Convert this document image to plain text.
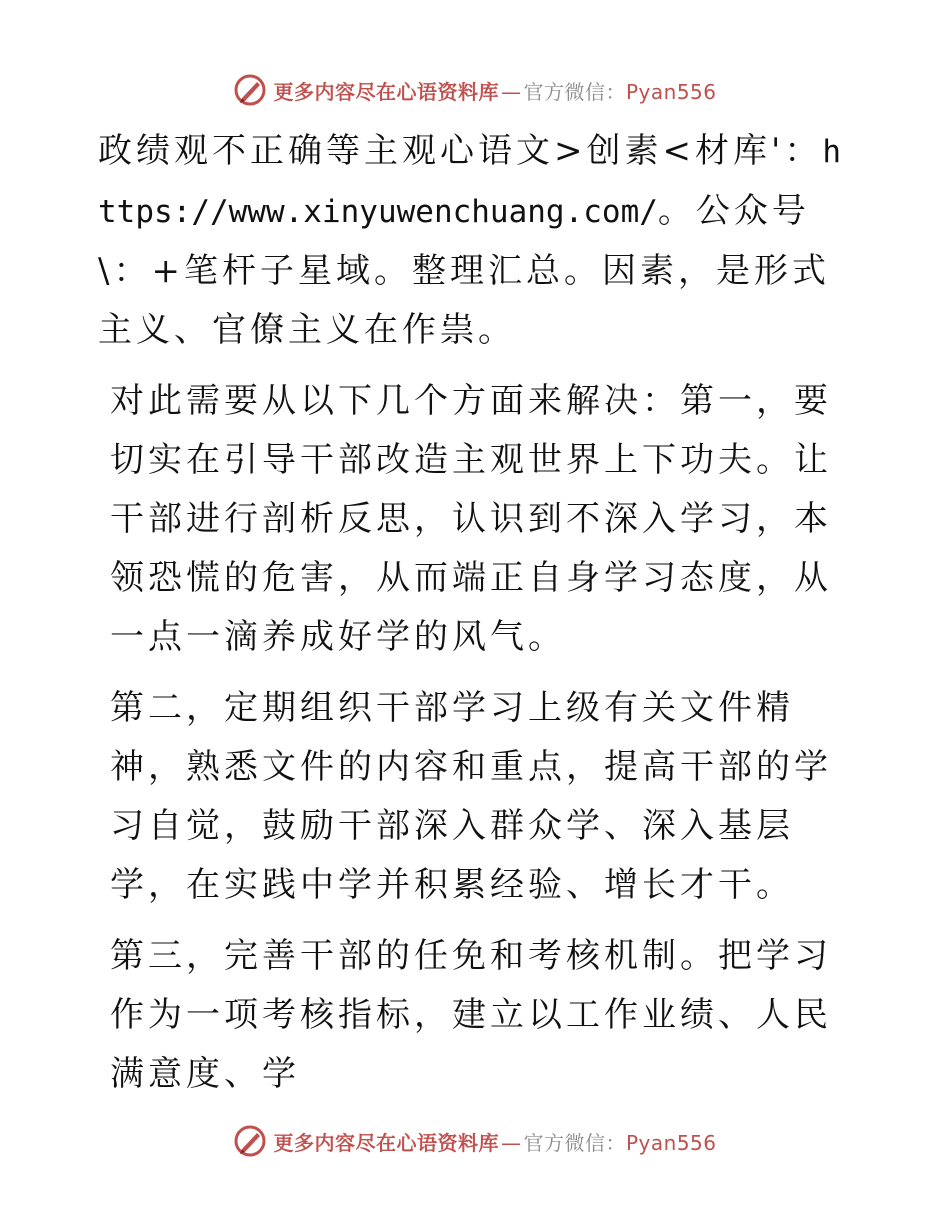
更多内容尽在心语资料库 — 官方微信：Pyan556

政绩观不正确等主观心语文>创素<材库'：https://www.xinyuwenchuang.com/。公众号\：+笔杆子星域。整理汇总。因素，是形式主义、官僚主义在作祟。

对此需要从以下几个方面来解决：第一，要切实在引导干部改造主观世界上下功夫。让干部进行剖析反思，认识到不深入学习，本领恐慌的危害，从而端正自身学习态度，从一点一滴养成好学的风气。

第二，定期组织干部学习上级有关文件精神，熟悉文件的内容和重点，提高干部的学习自觉，鼓励干部深入群众学、深入基层学，在实践中学并积累经验、增长才干。

第三，完善干部的任免和考核机制。把学习作为一项考核指标，建立以工作业绩、人民满意度、学

更多内容尽在心语资料库 — 官方微信：Pyan556
